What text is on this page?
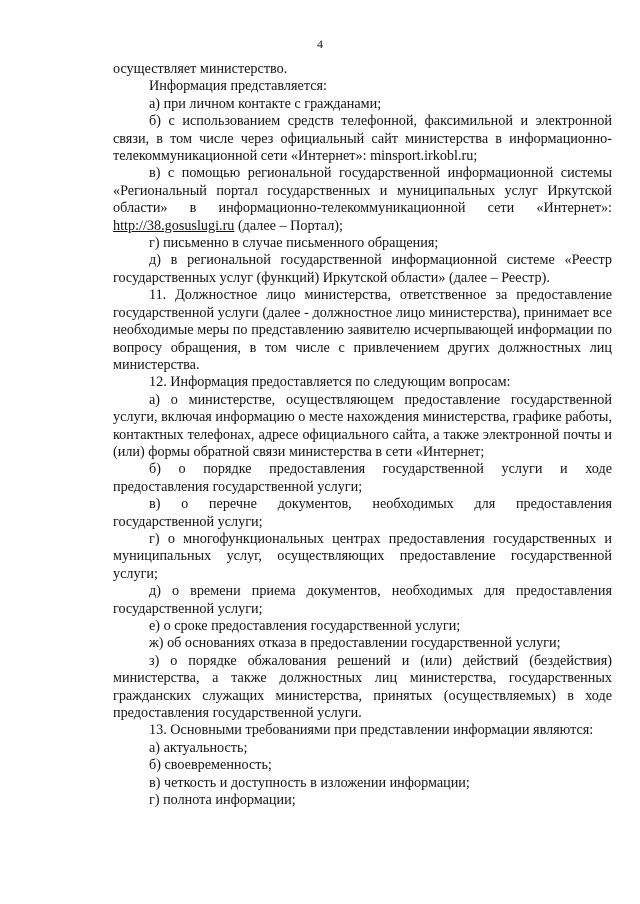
4

осуществляет министерство.

Информация представляется:

а) при личном контакте с гражданами;

б) с использованием средств телефонной, факсимильной и электронной связи, в том числе через официальный сайт министерства в информационно-телекоммуникационной сети «Интернет»: minsport.irkobl.ru;

в) с помощью региональной государственной информационной системы «Региональный портал государственных и муниципальных услуг Иркутской области» в информационно-телекоммуникационной сети «Интернет»: http://38.gosuslugi.ru (далее – Портал);

г) письменно в случае письменного обращения;

д) в региональной государственной информационной системе «Реестр государственных услуг (функций) Иркутской области» (далее – Реестр).

11. Должностное лицо министерства, ответственное за предоставление государственной услуги (далее - должностное лицо министерства), принимает все необходимые меры по представлению заявителю исчерпывающей информации по вопросу обращения, в том числе с привлечением других должностных лиц министерства.

12. Информация предоставляется по следующим вопросам:

а) о министерстве, осуществляющем предоставление государственной услуги, включая информацию о месте нахождения министерства, графике работы, контактных телефонах, адресе официального сайта, а также электронной почты и (или) формы обратной связи министерства в сети «Интернет;

б) о порядке предоставления государственной услуги и ходе предоставления государственной услуги;

в) о перечне документов, необходимых для предоставления государственной услуги;

г) о многофункциональных центрах предоставления государственных и муниципальных услуг, осуществляющих предоставление государственной услуги;

д) о времени приема документов, необходимых для предоставления государственной услуги;

е) о сроке предоставления государственной услуги;

ж) об основаниях отказа в предоставлении государственной услуги;

з) о порядке обжалования решений и (или) действий (бездействия) министерства, а также должностных лиц министерства, государственных гражданских служащих министерства, принятых (осуществляемых) в ходе предоставления государственной услуги.

13. Основными требованиями при представлении информации являются:

а) актуальность;

б) своевременность;

в) четкость и доступность в изложении информации;

г) полнота информации;
